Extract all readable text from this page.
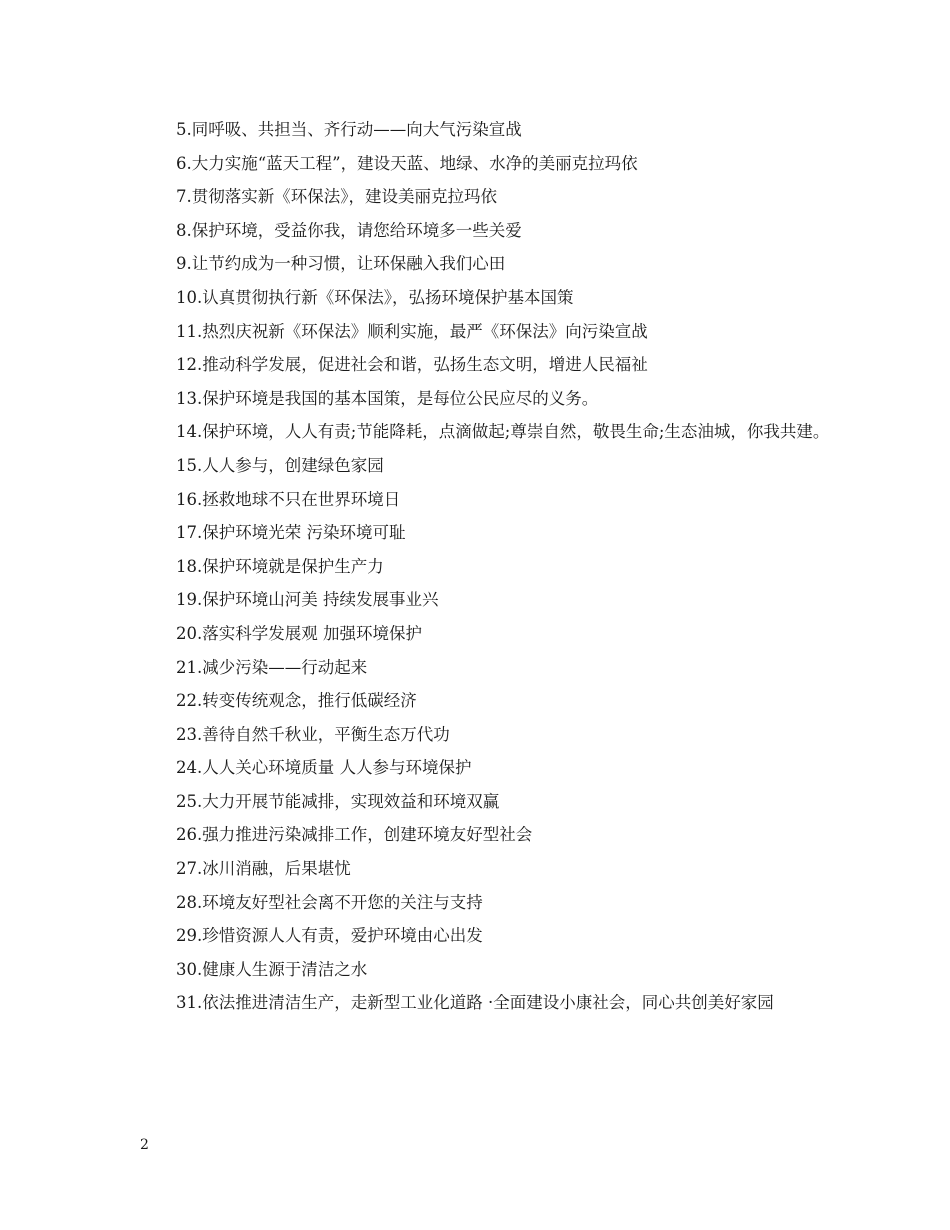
5.同呼吸、共担当、齐行动——向大气污染宣战
6.大力实施“蓝天工程”，建设天蓝、地绿、水净的美丽克拉玛依
7.贯彻落实新《环保法》，建设美丽克拉玛依
8.保护环境，受益你我，请您给环境多一些关爱
9.让节约成为一种习惯，让环保融入我们心田
10.认真贯彻执行新《环保法》，弘扬环境保护基本国策
11.热烈庆祝新《环保法》顺利实施，最严《环保法》向污染宣战
12.推动科学发展，促进社会和谐，弘扬生态文明，增进人民福祉
13.保护环境是我国的基本国策，是每位公民应尽的义务。
14.保护环境，人人有责;节能降耗，点滴做起;尊崇自然，敬畏生命;生态油城，你我共建。
15.人人参与，创建绿色家园
16.拯救地球不只在世界环境日
17.保护环境光荣 污染环境可耻
18.保护环境就是保护生产力
19.保护环境山河美 持续发展事业兴
20.落实科学发展观 加强环境保护
21.减少污染——行动起来
22.转变传统观念，推行低碳经济
23.善待自然千秋业，平衡生态万代功
24.人人关心环境质量 人人参与环境保护
25.大力开展节能减排，实现效益和环境双赢
26.强力推进污染减排工作，创建环境友好型社会
27.冰川消融，后果堪忧
28.环境友好型社会离不开您的关注与支持
29.珍惜资源人人有责，爱护环境由心出发
30.健康人生源于清洁之水
31.依法推进清洁生产，走新型工业化道路 ·全面建设小康社会，同心共创美好家园
2
